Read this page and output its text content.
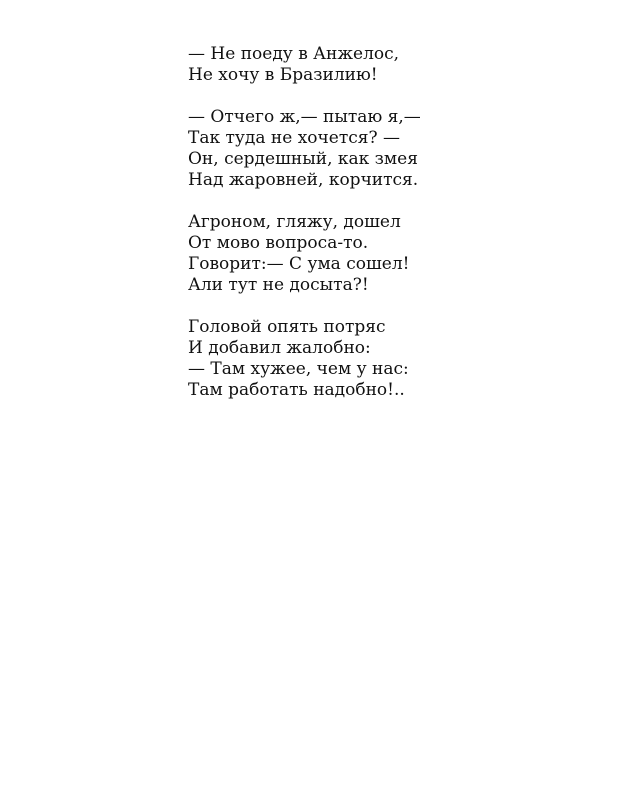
— Не поеду в Анжелос,
Не хочу в Бразилию!
— Отчего ж,— пытаю я,—
Так туда не хочется? —
Он, сердешный, как змея
Над жаровней, корчится.
Агроном, гляжу, дошел
От мово вопроса-то.
Говорит:— С ума сошел!
Али тут не досыта?!
Головой опять потряс
И добавил жалобно:
— Там хужее, чем у нас:
Там работать надобно!..
